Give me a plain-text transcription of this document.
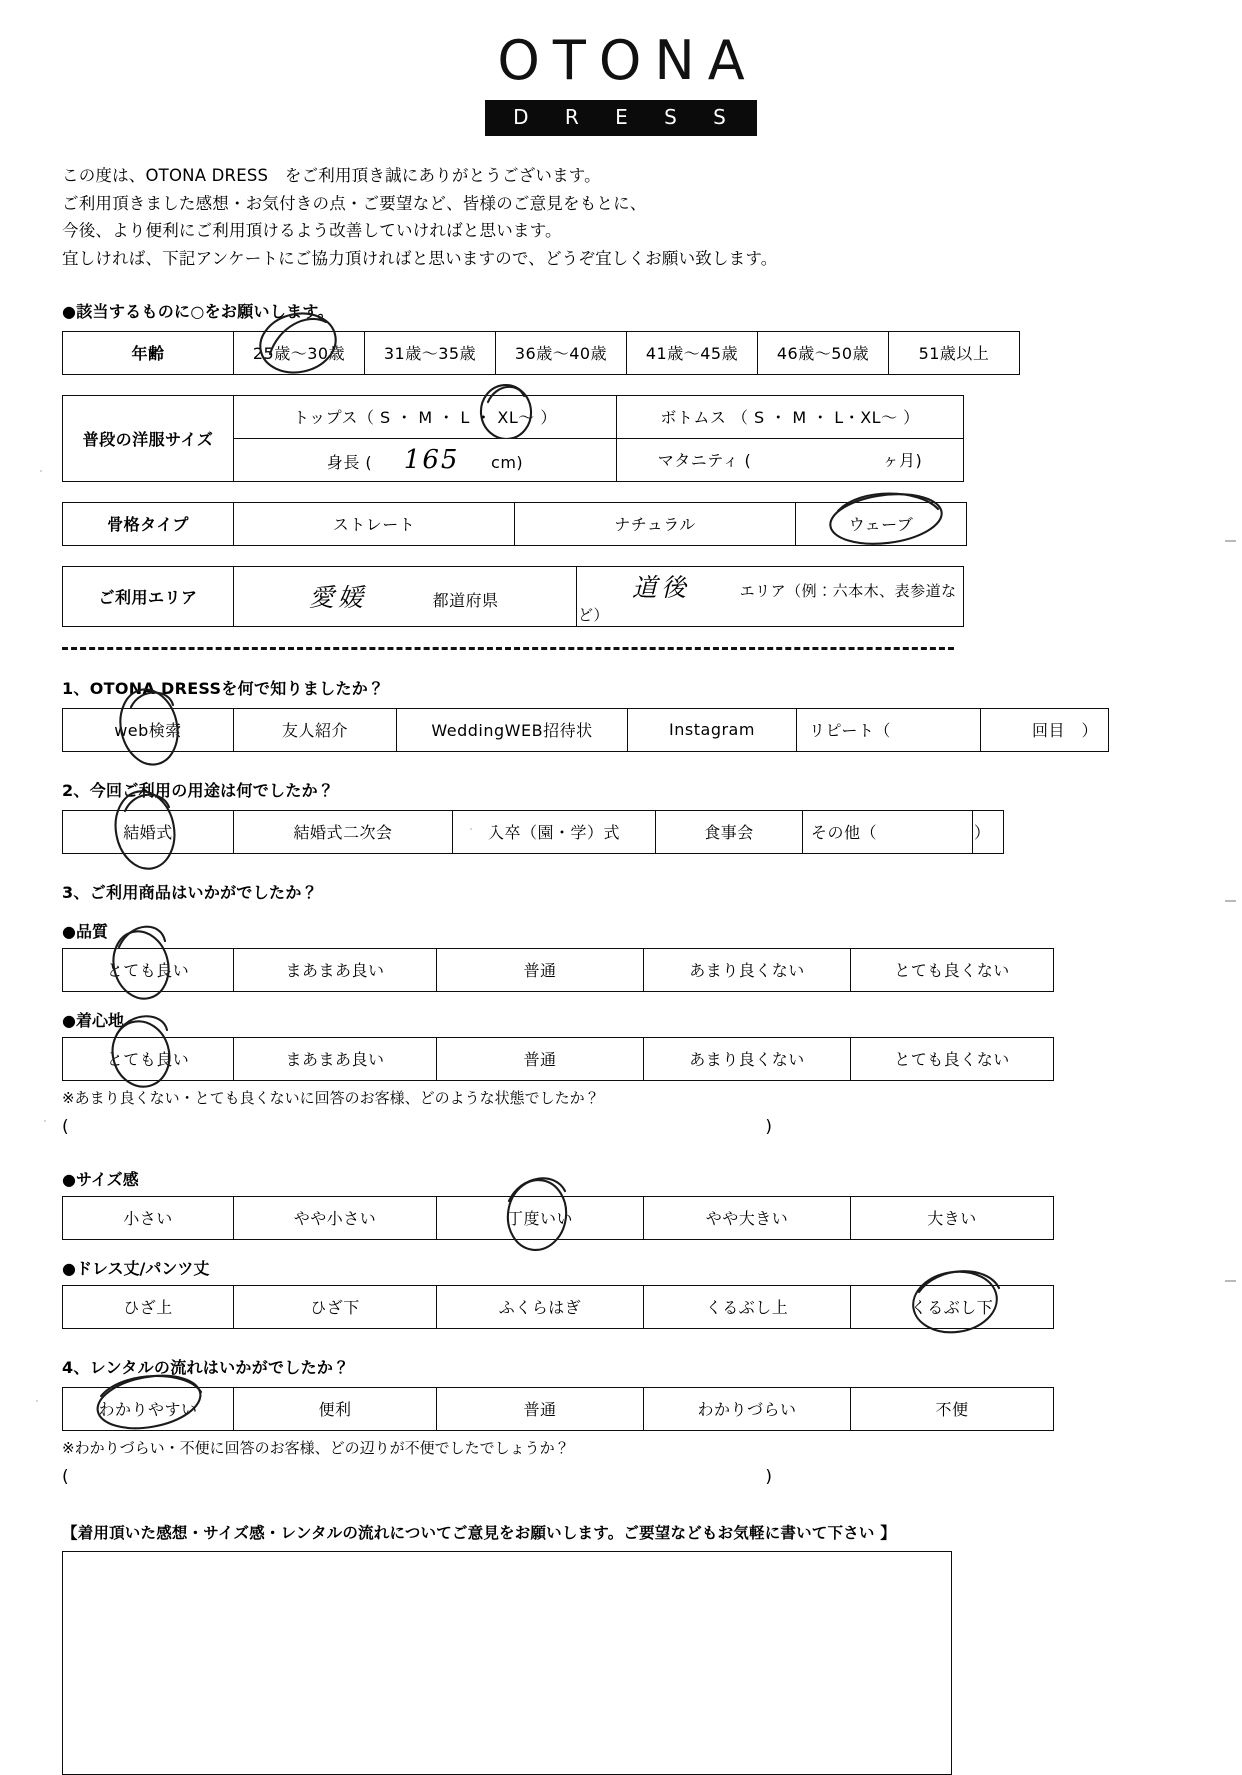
OTONA
D R E S S
この度は、OTONA DRESS　をご利用頂き誠にありがとうございます。
ご利用頂きました感想・お気付きの点・ご要望など、皆様のご意見をもとに、
今後、より便利にご利用頂けるよう改善していければと思います。
宜しければ、下記アンケートにご協力頂ければと思いますので、どうぞ宜しくお願い致します。
●該当するものに○をお願いします。
年齢	25歳〜30歳	31歳〜35歳	36歳〜40歳	41歳〜45歳	46歳〜50歳	51歳以上
普段の洋服サイズ	トップス（ S ・ M ・ L ・ XL〜 ）	ボトムス （ S ・ M ・ L・XL〜 ）
	身長 ( 165 cm)	マタニティ ( ヶ月)
骨格タイプ	ストレート	ナチュラル	ウェーブ
ご利用エリア	愛媛	都道府県	道後	エリア（例：六本木、表参道など）
1、OTONA DRESSを何で知りましたか？
web検索	友人紹介	WeddingWEB招待状	Instagram	リピート（	回目　）
2、今回ご利用の用途は何でしたか？
結婚式	結婚式二次会	入卒（園・学）式	食事会	その他（	）
3、ご利用商品はいかがでしたか？
●品質
とても良い	まあまあ良い	普通	あまり良くない	とても良くない
●着心地
とても良い	まあまあ良い	普通	あまり良くない	とても良くない
※あまり良くない・とても良くないに回答のお客様、どのような状態でしたか？
(	)
●サイズ感
小さい	やや小さい	丁度いい	やや大きい	大きい
●ドレス丈/パンツ丈
ひざ上	ひざ下	ふくらはぎ	くるぶし上	くるぶし下
4、レンタルの流れはいかがでしたか？
わかりやすい	便利	普通	わかりづらい	不便
※わかりづらい・不便に回答のお客様、どの辺りが不便でしたでしょうか？
(	)
【着用頂いた感想・サイズ感・レンタルの流れについてご意見をお願いします。ご要望などもお気軽に書いて下さい 】
